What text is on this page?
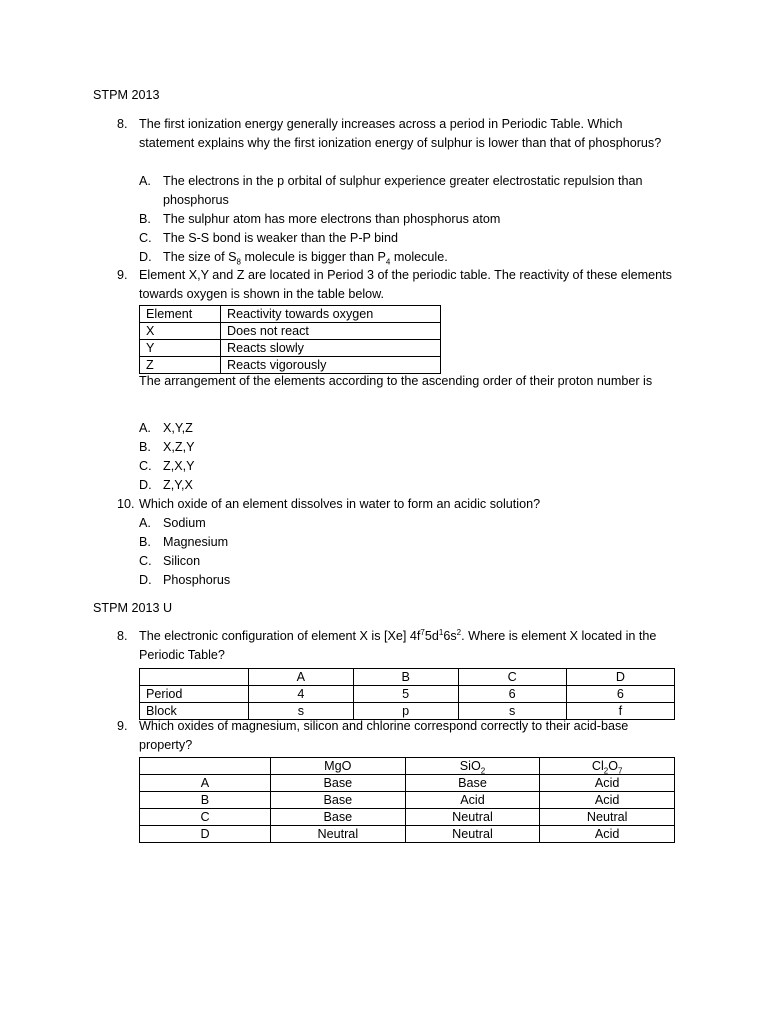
STPM 2013
8. The first ionization energy generally increases across a period in Periodic Table. Which statement explains why the first ionization energy of sulphur is lower than that of phosphorus?
A. The electrons in the p orbital of sulphur experience greater electrostatic repulsion than phosphorus
B. The sulphur atom has more electrons than phosphorus atom
C. The S-S bond is weaker than the P-P bind
D. The size of $S_8$ molecule is bigger than $P_4$ molecule.
9. Element X,Y and Z are located in Period 3 of the periodic table. The reactivity of these elements towards oxygen is shown in the table below.
Element	Reactivity towards oxygen
X	Does not react
Y	Reacts slowly
Z	Reacts vigorously
The arrangement of the elements according to the ascending order of their proton number is
A. X,Y,Z
B. X,Z,Y
C. Z,X,Y
D. Z,Y,X
10. Which oxide of an element dissolves in water to form an acidic solution?
A. Sodium
B. Magnesium
C. Silicon
D. Phosphorus
STPM 2013 U
8. The electronic configuration of element X is [Xe] $4f^75d^16s^2$. Where is element X located in the Periodic Table?
	A	B	C	D
Period	4	5	6	6
Block	s	p	s	f
9. Which oxides of magnesium, silicon and chlorine correspond correctly to their acid-base property?
	MgO	SiO$_2$	$Cl_2O_7$
A	Base	Base	Acid
B	Base	Acid	Acid
C	Base	Neutral	Neutral
D	Neutral	Neutral	Acid
